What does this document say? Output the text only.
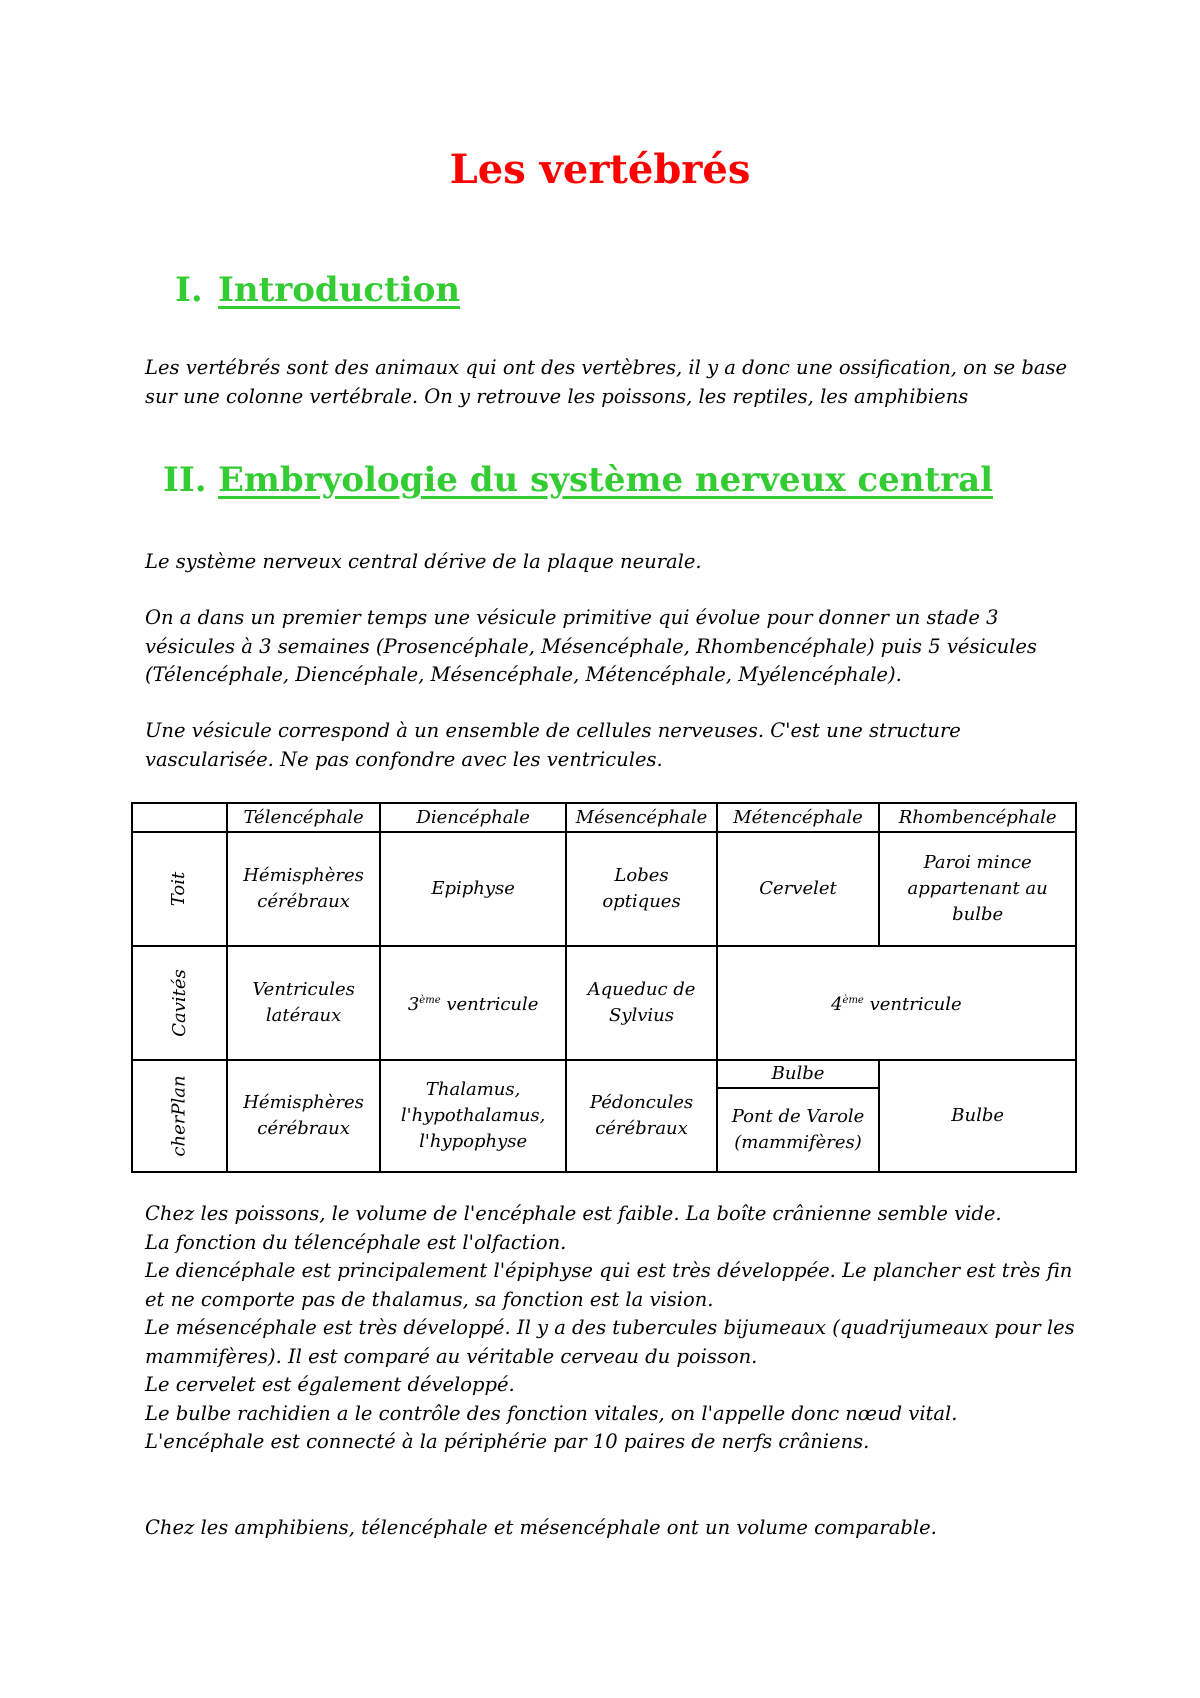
Les vertébrés
I. Introduction

Les vertébrés sont des animaux qui ont des vertèbres, il y a donc une ossification, on se base sur une colonne vertébrale. On y retrouve les poissons, les reptiles, les amphibiens

II. Embryologie du système nerveux central

Le système nerveux central dérive de la plaque neurale.

On a dans un premier temps une vésicule primitive qui évolue pour donner un stade 3 vésicules à 3 semaines (Prosencéphale, Mésencéphale, Rhombencéphale) puis 5 vésicules (Télencéphale, Diencéphale, Mésencéphale, Métencéphale, Myélencéphale).

Une vésicule correspond à un ensemble de cellules nerveuses. C'est une structure vascularisée. Ne pas confondre avec les ventricules.

	Télencéphale	Diencéphale	Mésencéphale	Métencéphale	Rhombencéphale
Toit	Hémisphères cérébraux	Epiphyse	Lobes optiques	Cervelet	Paroi mince appartenant au bulbe
Cavités	Ventricules latéraux	3ème ventricule	Aqueduc de Sylvius	4ème ventricule	
cherPlan	Hémisphères cérébraux	Thalamus, l'hypothalamus, l'hypophyse	Pédoncules cérébraux	Bulbe	Bulbe
				Pont de Varole (mammifères)	

Chez les poissons, le volume de l'encéphale est faible. La boîte crânienne semble vide.

La fonction du télencéphale est l'olfaction.

Le diencéphale est principalement l'épiphyse qui est très développée. Le plancher est très fin et ne comporte pas de thalamus, sa fonction est la vision.

Le mésencéphale est très développé. Il y a des tubercules bijumeaux (quadrijumeaux pour les mammifères). Il est comparé au véritable cerveau du poisson.

Le cervelet est également développé.

Le bulbe rachidien a le contrôle des fonction vitales, on l'appelle donc nœud vital.

L'encéphale est connecté à la périphérie par 10 paires de nerfs crâniens.

Chez les amphibiens, télencéphale et mésencéphale ont un volume comparable.
